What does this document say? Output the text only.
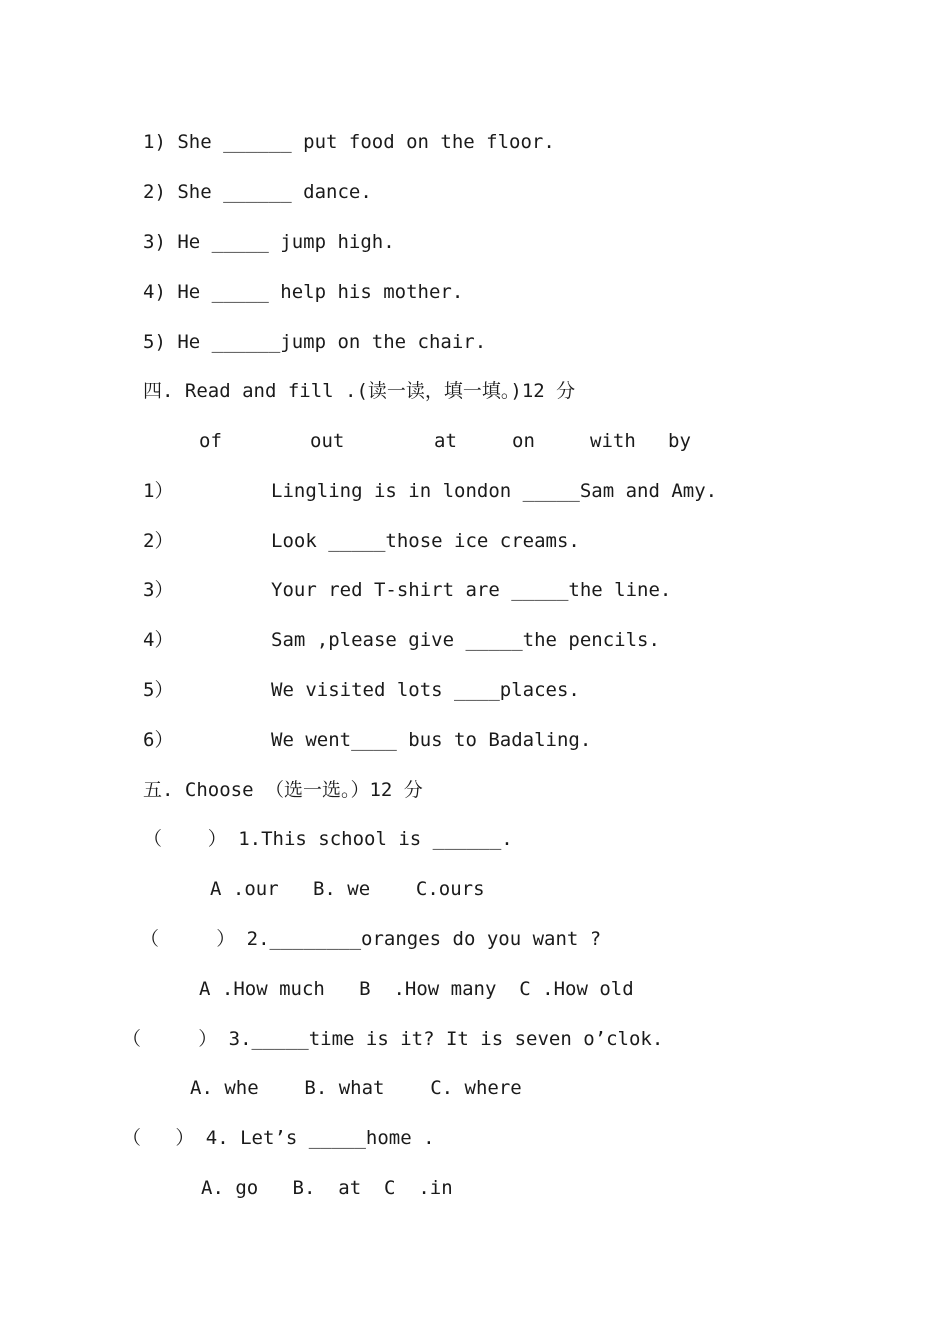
1) She ______ put food on the floor.
2) She ______ dance.
3) He _____ jump high.
4) He _____ help his mother.
5) He ______jump on the chair.
四. Read and fill .(读一读，填一填。)12 分
of	out	at	on	with by
1）	Lingling is in london _____Sam and Amy.
2）	Look _____those ice creams.
3）	Your red T-shirt are _____the line.
4）	Sam ,please give _____the pencils.
5）	We visited lots ____places.
6）	We went____ bus to Badaling.
五. Choose （选一选。）12 分
（    ） 1.This school is ______.
A .our   B. we    C.ours
（     ） 2.________oranges do you want ?
A .How much   B  .How many  C .How old
（     ） 3._____time is it? It is seven o’clok.
A. whe    B. what    C. where
（   ） 4. Let’s _____home .
A. go   B.  at  C  .in
